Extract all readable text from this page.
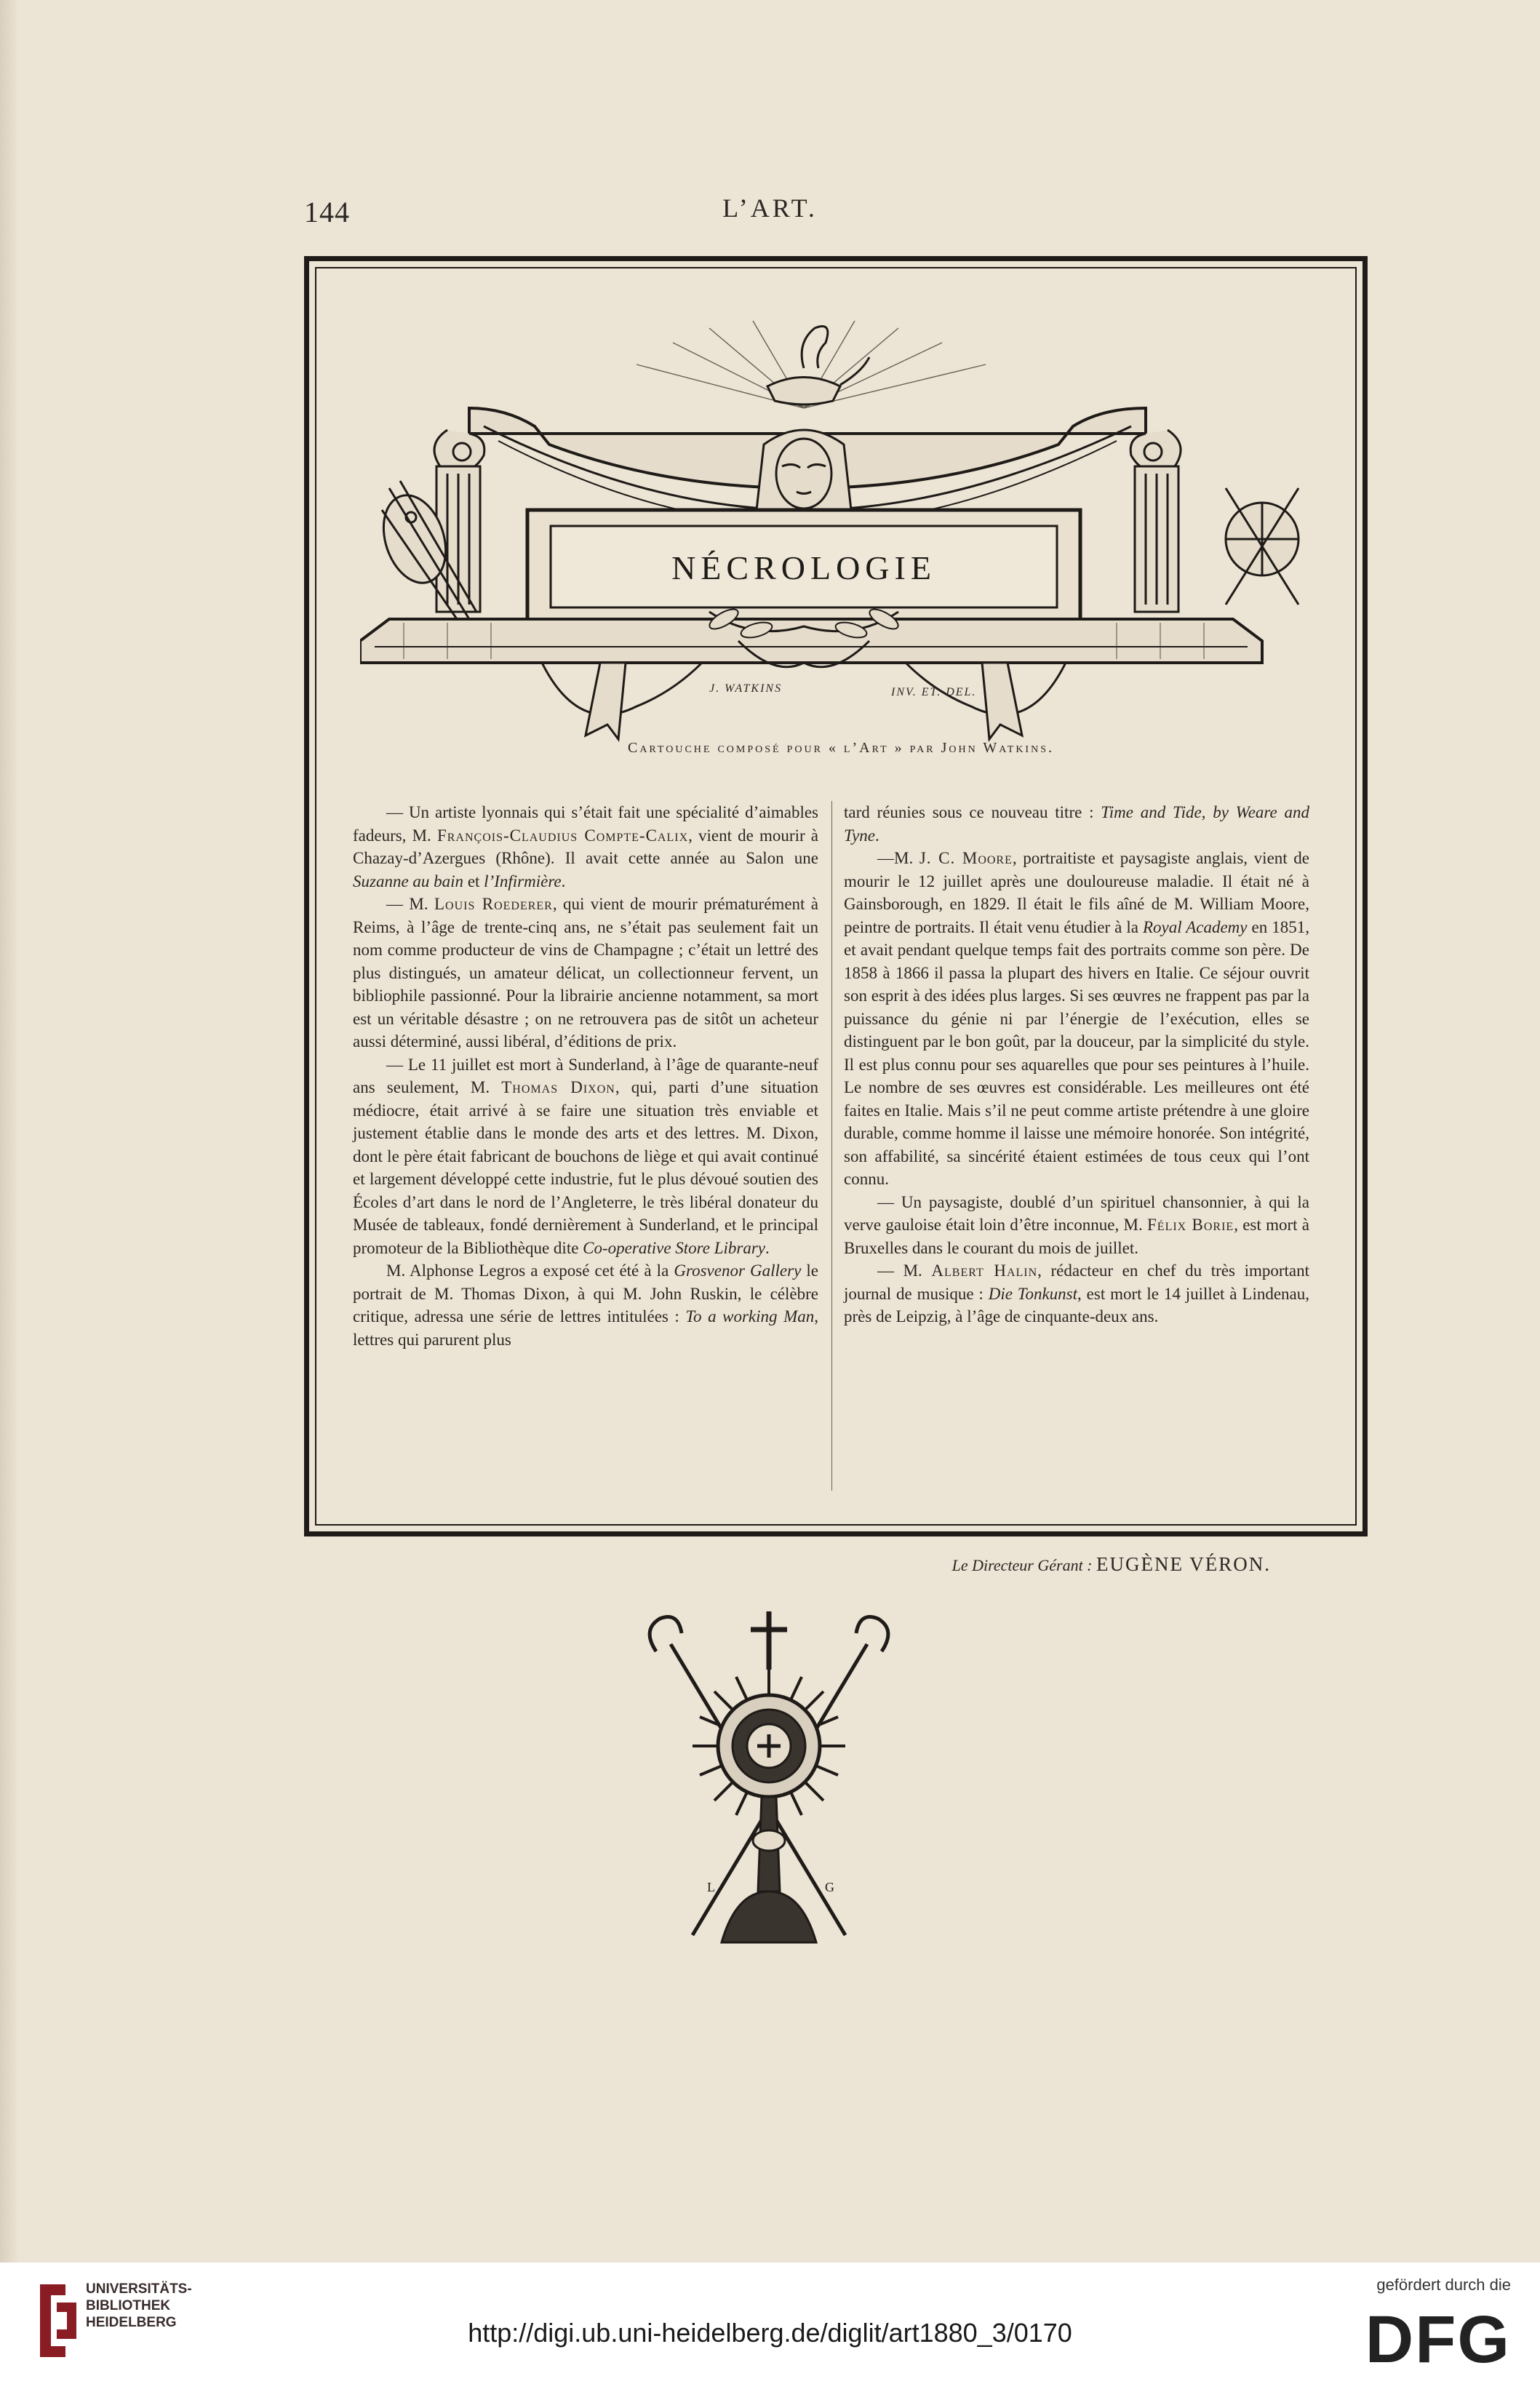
144	L’ART.
NÉCROLOGIE
J. WATKINS	INV. ET. DEL.
Cartouche composé pour « l’Art » par John Watkins.

— Un artiste lyonnais qui s’était fait une spécialité d’aimables fadeurs, M. François-Claudius Compte-Calix, vient de mourir à Chazay-d’Azergues (Rhône). Il avait cette année au Salon une Suzanne au bain et l’Infirmière.

— M. Louis Roederer, qui vient de mourir prématurément à Reims, à l’âge de trente-cinq ans, ne s’était pas seulement fait un nom comme producteur de vins de Champagne ; c’était un lettré des plus distingués, un amateur délicat, un collectionneur fervent, un bibliophile passionné. Pour la librairie ancienne notamment, sa mort est un véritable désastre ; on ne retrouvera pas de sitôt un acheteur aussi déterminé, aussi libéral, d’éditions de prix.

— Le 11 juillet est mort à Sunderland, à l’âge de quarante-neuf ans seulement, M. Thomas Dixon, qui, parti d’une situation médiocre, était arrivé à se faire une situation très enviable et justement établie dans le monde des arts et des lettres. M. Dixon, dont le père était fabricant de bouchons de liège et qui avait continué et largement développé cette industrie, fut le plus dévoué soutien des Écoles d’art dans le nord de l’Angleterre, le très libéral donateur du Musée de tableaux, fondé dernièrement à Sunderland, et le principal promoteur de la Bibliothèque dite Co-operative Store Library.

M. Alphonse Legros a exposé cet été à la Grosvenor Gallery le portrait de M. Thomas Dixon, à qui M. John Ruskin, le célèbre critique, adressa une série de lettres intitulées : To a working Man, lettres qui parurent plus

tard réunies sous ce nouveau titre : Time and Tide, by Weare and Tyne.

—M. J. C. Moore, portraitiste et paysagiste anglais, vient de mourir le 12 juillet après une douloureuse maladie. Il était né à Gainsborough, en 1829. Il était le fils aîné de M. William Moore, peintre de portraits. Il était venu étudier à la Royal Academy en 1851, et avait pendant quelque temps fait des portraits comme son père. De 1858 à 1866 il passa la plupart des hivers en Italie. Ce séjour ouvrit son esprit à des idées plus larges. Si ses œuvres ne frappent pas par la puissance du génie ni par l’énergie de l’exécution, elles se distinguent par le bon goût, par la douceur, par la simplicité du style. Il est plus connu pour ses aquarelles que pour ses peintures à l’huile. Le nombre de ses œuvres est considérable. Les meilleures ont été faites en Italie. Mais s’il ne peut comme artiste prétendre à une gloire durable, comme homme il laisse une mémoire honorée. Son intégrité, son affabilité, sa sincérité étaient estimées de tous ceux qui l’ont connu.

— Un paysagiste, doublé d’un spirituel chansonnier, à qui la verve gauloise était loin d’être inconnue, M. Félix Borie, est mort à Bruxelles dans le courant du mois de juillet.

— M. Albert Halin, rédacteur en chef du très important journal de musique : Die Tonkunst, est mort le 14 juillet à Lindenau, près de Leipzig, à l’âge de cinquante-deux ans.

Le Directeur Gérant : EUGÈNE VÉRON.
L	G
UNIVERSITÄTS-
BIBLIOTHEK
HEIDELBERG	http://digi.ub.uni-heidelberg.de/diglit/art1880_3/0170
gefördert durch die
DFG
